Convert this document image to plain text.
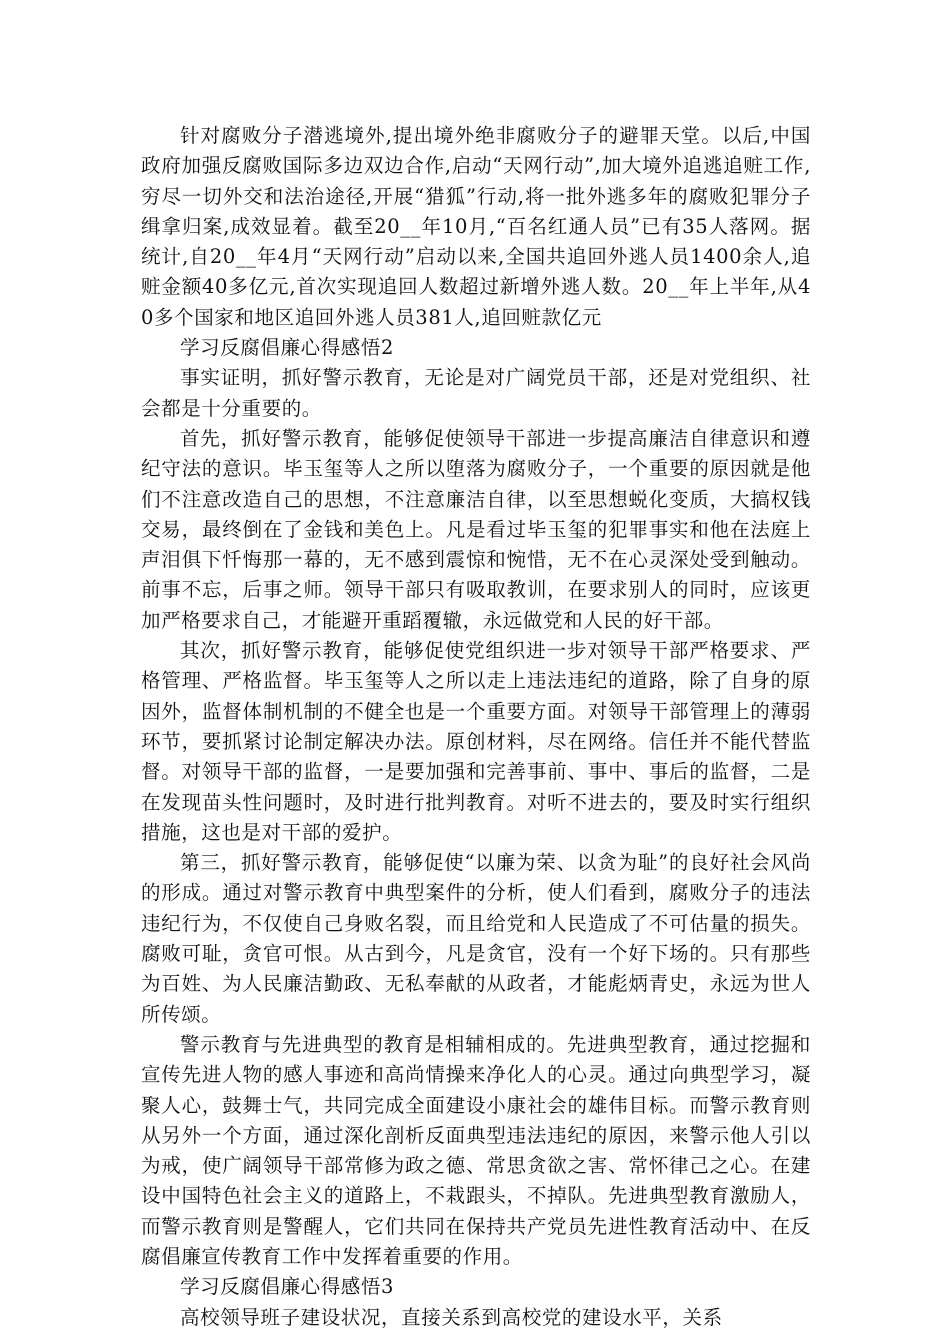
针对腐败分子潜逃境外,提出境外绝非腐败分子的避罪天堂。以后,中国政府加强反腐败国际多边双边合作,启动“天网行动”,加大境外追逃追赃工作,穷尽一切外交和法治途径,开展“猎狐”行动,将一批外逃多年的腐败犯罪分子缉拿归案,成效显着。截至20__年10月,“百名红通人员”已有35人落网。据统计,自20__年4月“天网行动”启动以来,全国共追回外逃人员1400余人,追赃金额40多亿元,首次实现追回人数超过新增外逃人数。20__年上半年,从40多个国家和地区追回外逃人员381人,追回赃款亿元

学习反腐倡廉心得感悟2

事实证明，抓好警示教育，无论是对广阔党员干部，还是对党组织、社会都是十分重要的。

首先，抓好警示教育，能够促使领导干部进一步提高廉洁自律意识和遵纪守法的意识。毕玉玺等人之所以堕落为腐败分子，一个重要的原因就是他们不注意改造自己的思想，不注意廉洁自律，以至思想蜕化变质，大搞权钱交易，最终倒在了金钱和美色上。凡是看过毕玉玺的犯罪事实和他在法庭上声泪俱下忏悔那一幕的，无不感到震惊和惋惜，无不在心灵深处受到触动。前事不忘，后事之师。领导干部只有吸取教训，在要求别人的同时，应该更加严格要求自己，才能避开重蹈覆辙，永远做党和人民的好干部。

其次，抓好警示教育，能够促使党组织进一步对领导干部严格要求、严格管理、严格监督。毕玉玺等人之所以走上违法违纪的道路，除了自身的原因外，监督体制机制的不健全也是一个重要方面。对领导干部管理上的薄弱环节，要抓紧讨论制定解决办法。原创材料，尽在网络。信任并不能代替监督。对领导干部的监督，一是要加强和完善事前、事中、事后的监督，二是在发现苗头性问题时，及时进行批判教育。对听不进去的，要及时实行组织措施，这也是对干部的爱护。

第三，抓好警示教育，能够促使“以廉为荣、以贪为耻”的良好社会风尚的形成。通过对警示教育中典型案件的分析，使人们看到，腐败分子的违法违纪行为，不仅使自己身败名裂，而且给党和人民造成了不可估量的损失。腐败可耻，贪官可恨。从古到今，凡是贪官，没有一个好下场的。只有那些为百姓、为人民廉洁勤政、无私奉献的从政者，才能彪炳青史，永远为世人所传颂。

警示教育与先进典型的教育是相辅相成的。先进典型教育，通过挖掘和宣传先进人物的感人事迹和高尚情操来净化人的心灵。通过向典型学习，凝聚人心，鼓舞士气，共同完成全面建设小康社会的雄伟目标。而警示教育则从另外一个方面，通过深化剖析反面典型违法违纪的原因，来警示他人引以为戒，使广阔领导干部常修为政之德、常思贪欲之害、常怀律己之心。在建设中国特色社会主义的道路上，不栽跟头，不掉队。先进典型教育激励人，而警示教育则是警醒人，它们共同在保持共产党员先进性教育活动中、在反腐倡廉宣传教育工作中发挥着重要的作用。

学习反腐倡廉心得感悟3

高校领导班子建设状况，直接关系到高校党的建设水平，关系
